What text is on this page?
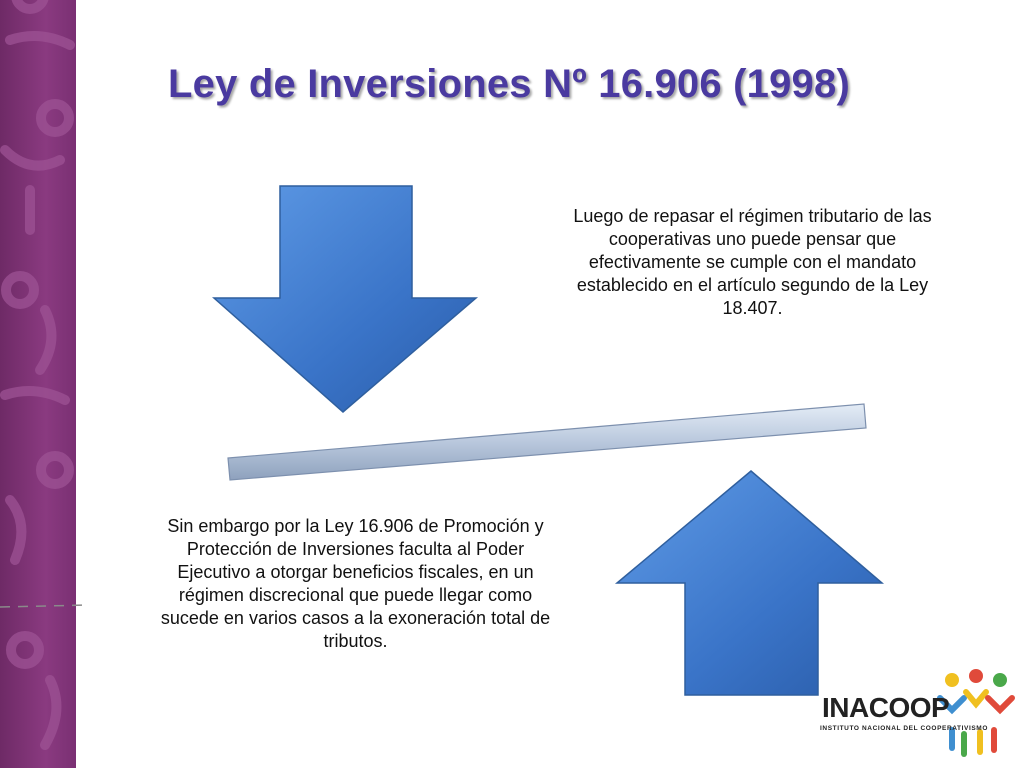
Ley de Inversiones Nº 16.906 (1998)
Luego de repasar el régimen tributario de las cooperativas uno puede pensar que efectivamente se cumple con el mandato establecido en el artículo segundo de la Ley 18.407.
Sin embargo por la Ley 16.906 de Promoción y Protección de Inversiones faculta al Poder Ejecutivo a otorgar beneficios fiscales, en un régimen discrecional que puede llegar como sucede en varios casos a la exoneración total de tributos.
INACOOP
INSTITUTO NACIONAL DEL COOPERATIVISMO
